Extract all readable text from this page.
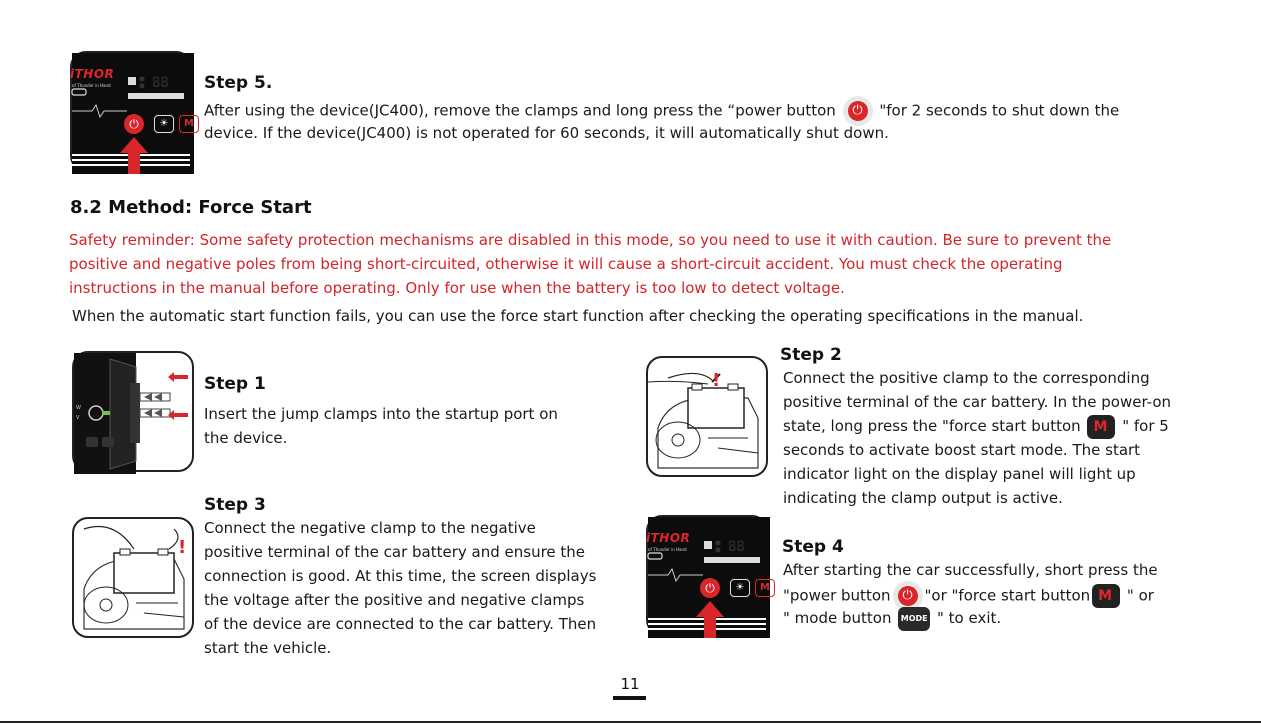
iTHOR
of Thunder in Hand	88
⏻	☀	M
Step 5.
After using the device(JC400), remove the clamps and long press the “power button ⏻ "for 2 seconds to shut down the
device. If the device(JC400) is not operated for 60 seconds, it will automatically shut down.
8.2 Method: Force Start
Safety reminder: Some safety protection mechanisms are disabled in this mode, so you need to use it with caution. Be sure to prevent the
positive and negative poles from being short-circuited, otherwise it will cause a short-circuit accident. You must check the operating
instructions in the manual before operating. Only for use when the battery is too low to detect voltage.
When the automatic start function fails, you can use the force start function after checking the operating specifications in the manual.
W
V
Step 1
Insert the jump clamps into the startup port on
the device.
!
Step 2
Connect the positive clamp to the corresponding
positive terminal of the car battery. In the power-on
state, long press the "force start button M " for 5
seconds to activate boost start mode. The start
indicator light on the display panel will light up
indicating the clamp output is active.
!
Step 3
Connect the negative clamp to the negative
positive terminal of the car battery and ensure the
connection is good. At this time, the screen displays
the voltage after the positive and negative clamps
of the device are connected to the car battery. Then
start the vehicle.
iTHOR
of Thunder in Hand	88
⏻	☀	M
Step 4
After starting the car successfully, short press the
"power button ⏻ "or "force start button M " or
" mode button MODE " to exit.
11
